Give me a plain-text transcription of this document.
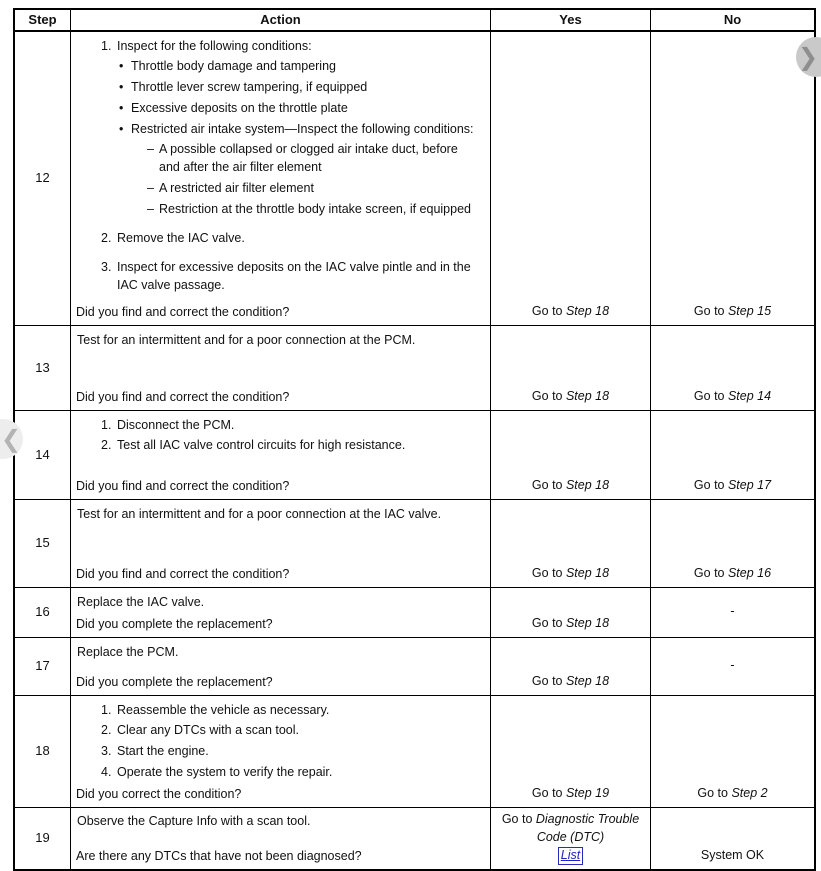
Step	Action	Yes	No
12
1. Inspect for the following conditions:
• Throttle body damage and tampering
• Throttle lever screw tampering, if equipped
• Excessive deposits on the throttle plate
• Restricted air intake system—Inspect the following conditions:
– A possible collapsed or clogged air intake duct, before and after the air filter element
– A restricted air filter element
– Restriction at the throttle body intake screen, if equipped
2. Remove the IAC valve.
3. Inspect for excessive deposits on the IAC valve pintle and in the IAC valve passage.
Did you find and correct the condition?	Go to Step 18	Go to Step 15
13
Test for an intermittent and for a poor connection at the PCM.
Did you find and correct the condition?	Go to Step 18	Go to Step 14
14
1. Disconnect the PCM.
2. Test all IAC valve control circuits for high resistance.
Did you find and correct the condition?	Go to Step 18	Go to Step 17
15
Test for an intermittent and for a poor connection at the IAC valve.
Did you find and correct the condition?	Go to Step 18	Go to Step 16
16
Replace the IAC valve.
Did you complete the replacement?	Go to Step 18
-
17
Replace the PCM.
Did you complete the replacement?	Go to Step 18
-
18
1. Reassemble the vehicle as necessary.
2. Clear any DTCs with a scan tool.
3. Start the engine.
4. Operate the system to verify the repair.
Did you correct the condition?	Go to Step 19	Go to Step 2
19
Observe the Capture Info with a scan tool.
Are there any DTCs that have not been diagnosed?
Go to Diagnostic Trouble Code (DTC)
List	System OK
❯
❮
